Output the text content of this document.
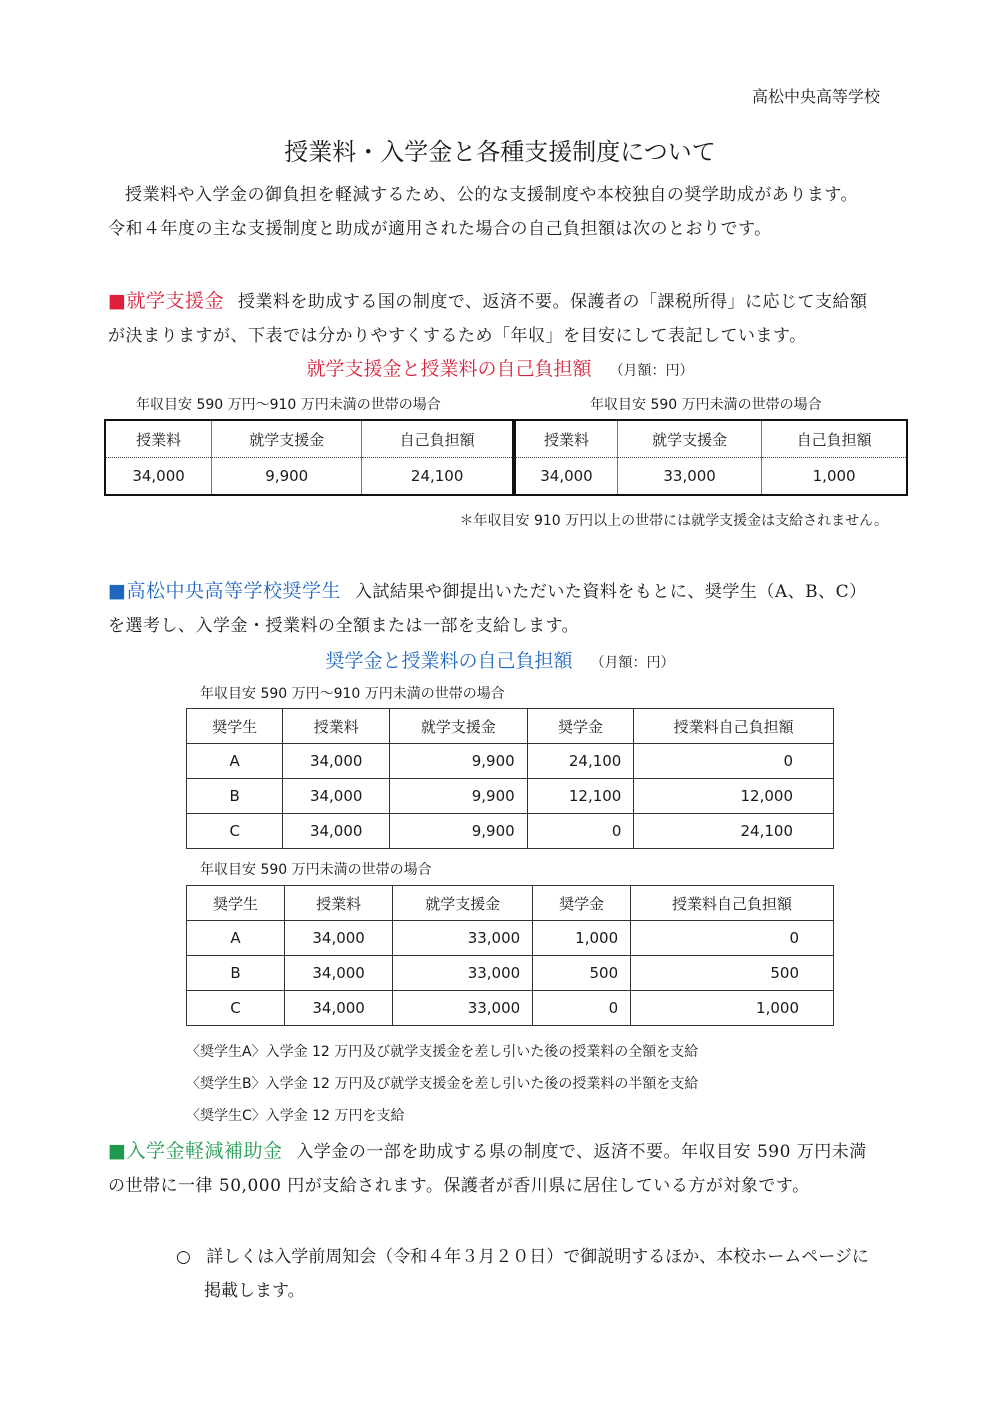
高松中央高等学校
授業料・入学金と各種支援制度について
授業料や入学金の御負担を軽減するため、公的な支援制度や本校独自の奨学助成があります。
令和４年度の主な支援制度と助成が適用された場合の自己負担額は次のとおりです。
■就学支援金 授業料を助成する国の制度で、返済不要。保護者の「課税所得」に応じて支給額
が決まりますが、下表では分かりやすくするため「年収」を目安にして表記しています。
就学支援金と授業料の自己負担額 （月額：円）
年収目安 590 万円～910 万円未満の世帯の場合	年収目安 590 万円未満の世帯の場合
授業料	就学支援金	自己負担額
34,000	9,900	24,100
授業料	就学支援金	自己負担額
34,000	33,000	1,000
＊年収目安 910 万円以上の世帯には就学支援金は支給されません。
■高松中央高等学校奨学生 入試結果や御提出いただいた資料をもとに、奨学生（A、B、C）
を選考し、入学金・授業料の全額または一部を支給します。
奨学金と授業料の自己負担額 （月額：円）
年収目安 590 万円～910 万円未満の世帯の場合
奨学生	授業料	就学支援金	奨学金	授業料自己負担額
A	34,000	9,900	24,100	0
B	34,000	9,900	12,100	12,000
C	34,000	9,900	0	24,100
年収目安 590 万円未満の世帯の場合
奨学生	授業料	就学支援金	奨学金	授業料自己負担額
A	34,000	33,000	1,000	0
B	34,000	33,000	500	500
C	34,000	33,000	0	1,000
〈奨学生A〉入学金 12 万円及び就学支援金を差し引いた後の授業料の全額を支給
〈奨学生B〉入学金 12 万円及び就学支援金を差し引いた後の授業料の半額を支給
〈奨学生C〉入学金 12 万円を支給
■入学金軽減補助金 入学金の一部を助成する県の制度で、返済不要。年収目安 590 万円未満
の世帯に一律 50,000 円が支給されます。保護者が香川県に居住している方が対象です。
○ 詳しくは入学前周知会（令和４年３月２０日）で御説明するほか、本校ホームページに
掲載します。
